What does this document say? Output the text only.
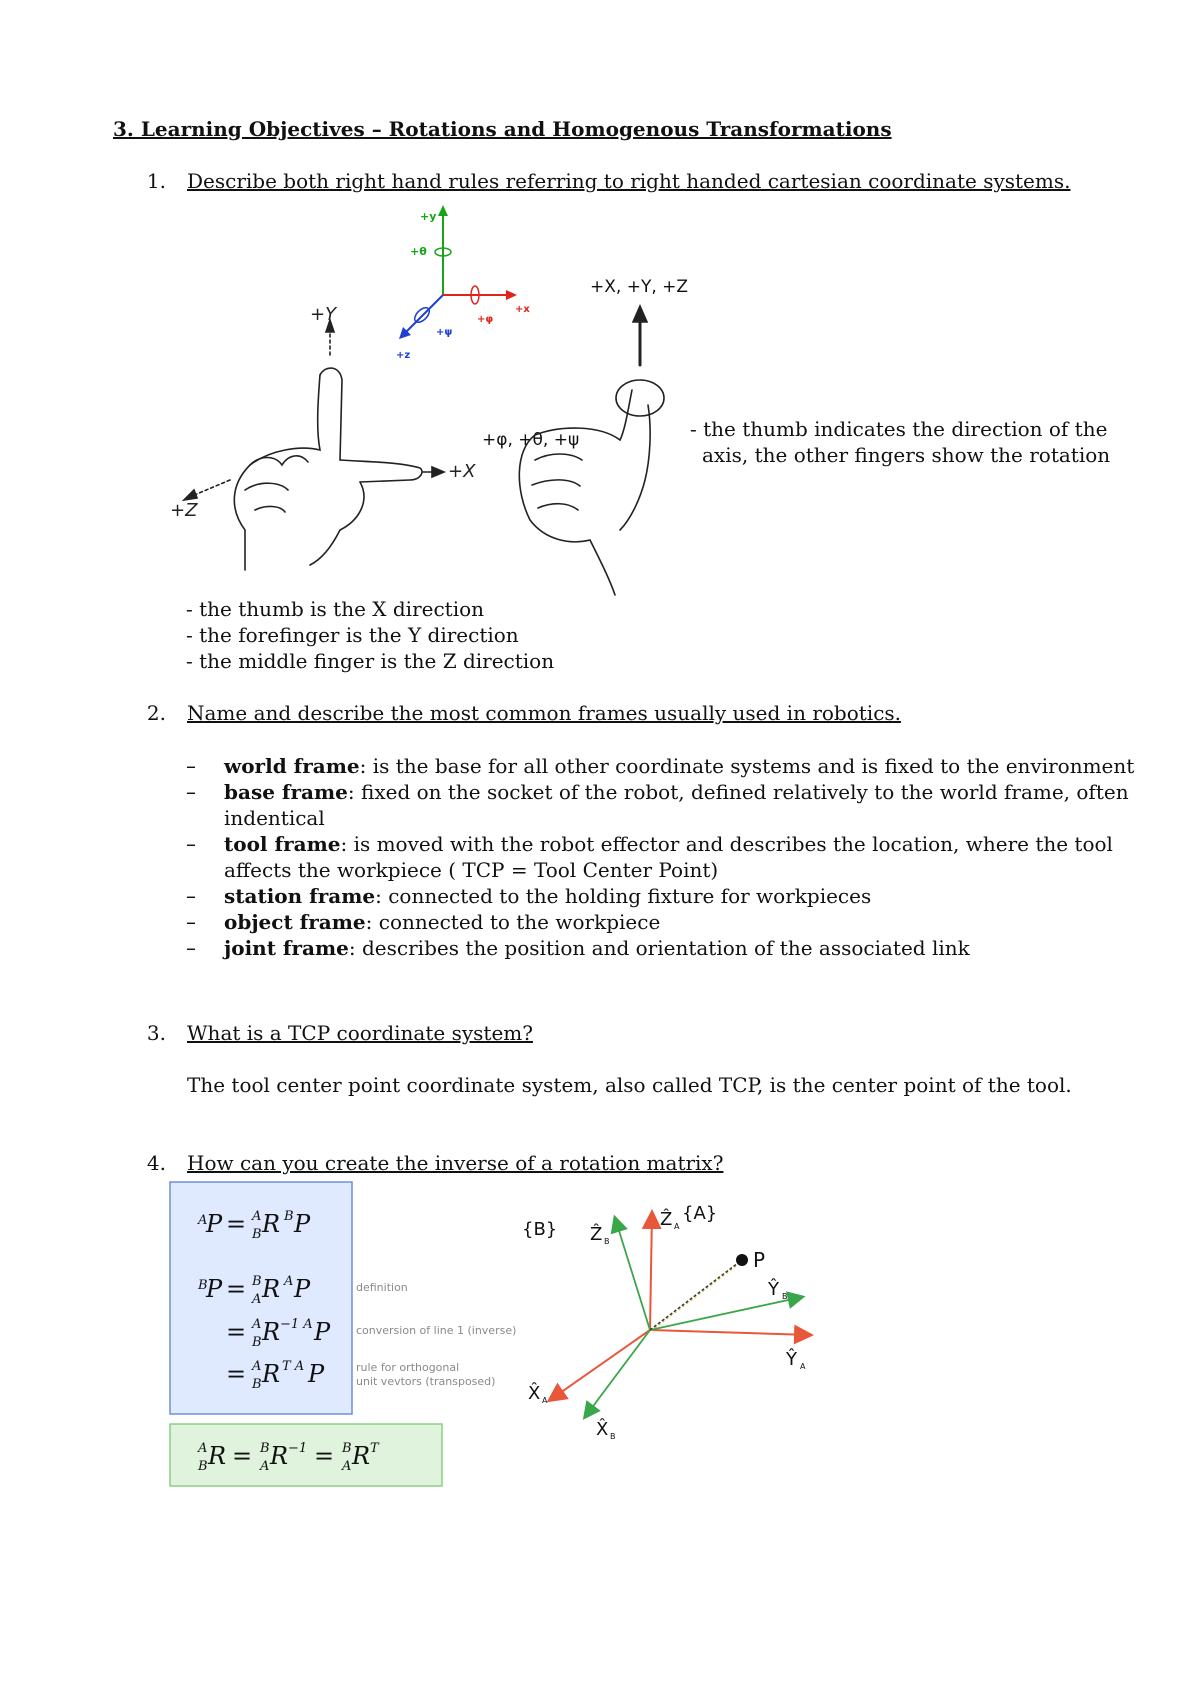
3. Learning Objectives – Rotations and Homogenous Transformations
1. Describe both right hand rules referring to right handed cartesian coordinate systems.
+y
+θ
+x
+φ
+ψ
+z
+Y
+X
+Z
+X, +Y, +Z
+φ, +θ, +ψ	- the thumb indicates the direction of the
axis, the other fingers show the rotation
- the thumb is the X direction
- the forefinger is the Y direction
- the middle finger is the Z direction
2. Name and describe the most common frames usually used in robotics.
– world frame: is the base for all other coordinate systems and is fixed to the environment
– base frame: fixed on the socket of the robot, defined relatively to the world frame, often
indentical
– tool frame: is moved with the robot effector and describes the location, where the tool
affects the workpiece ( TCP = Tool Center Point)
– station frame: connected to the holding fixture for workpieces
– object frame: connected to the workpiece
– joint frame: describes the position and orientation of the associated link
3. What is a TCP coordinate system?
The tool center point coordinate system, also called TCP, is the center point of the tool.
4. How can you create the inverse of a rotation matrix?
A
P = A
B R B P
B
P = B
A R A P	definition
= A
B R −1 A P conversion of line 1 (inverse)
= A
B R T A P	rule for orthogonal
unit vevtors (transposed)
A
B R = B
A R −1 = B
A R T
P
{B} Ẑ B
Ẑ A
{A}
Ŷ B
Ŷ A
X̂ A
X̂ B
